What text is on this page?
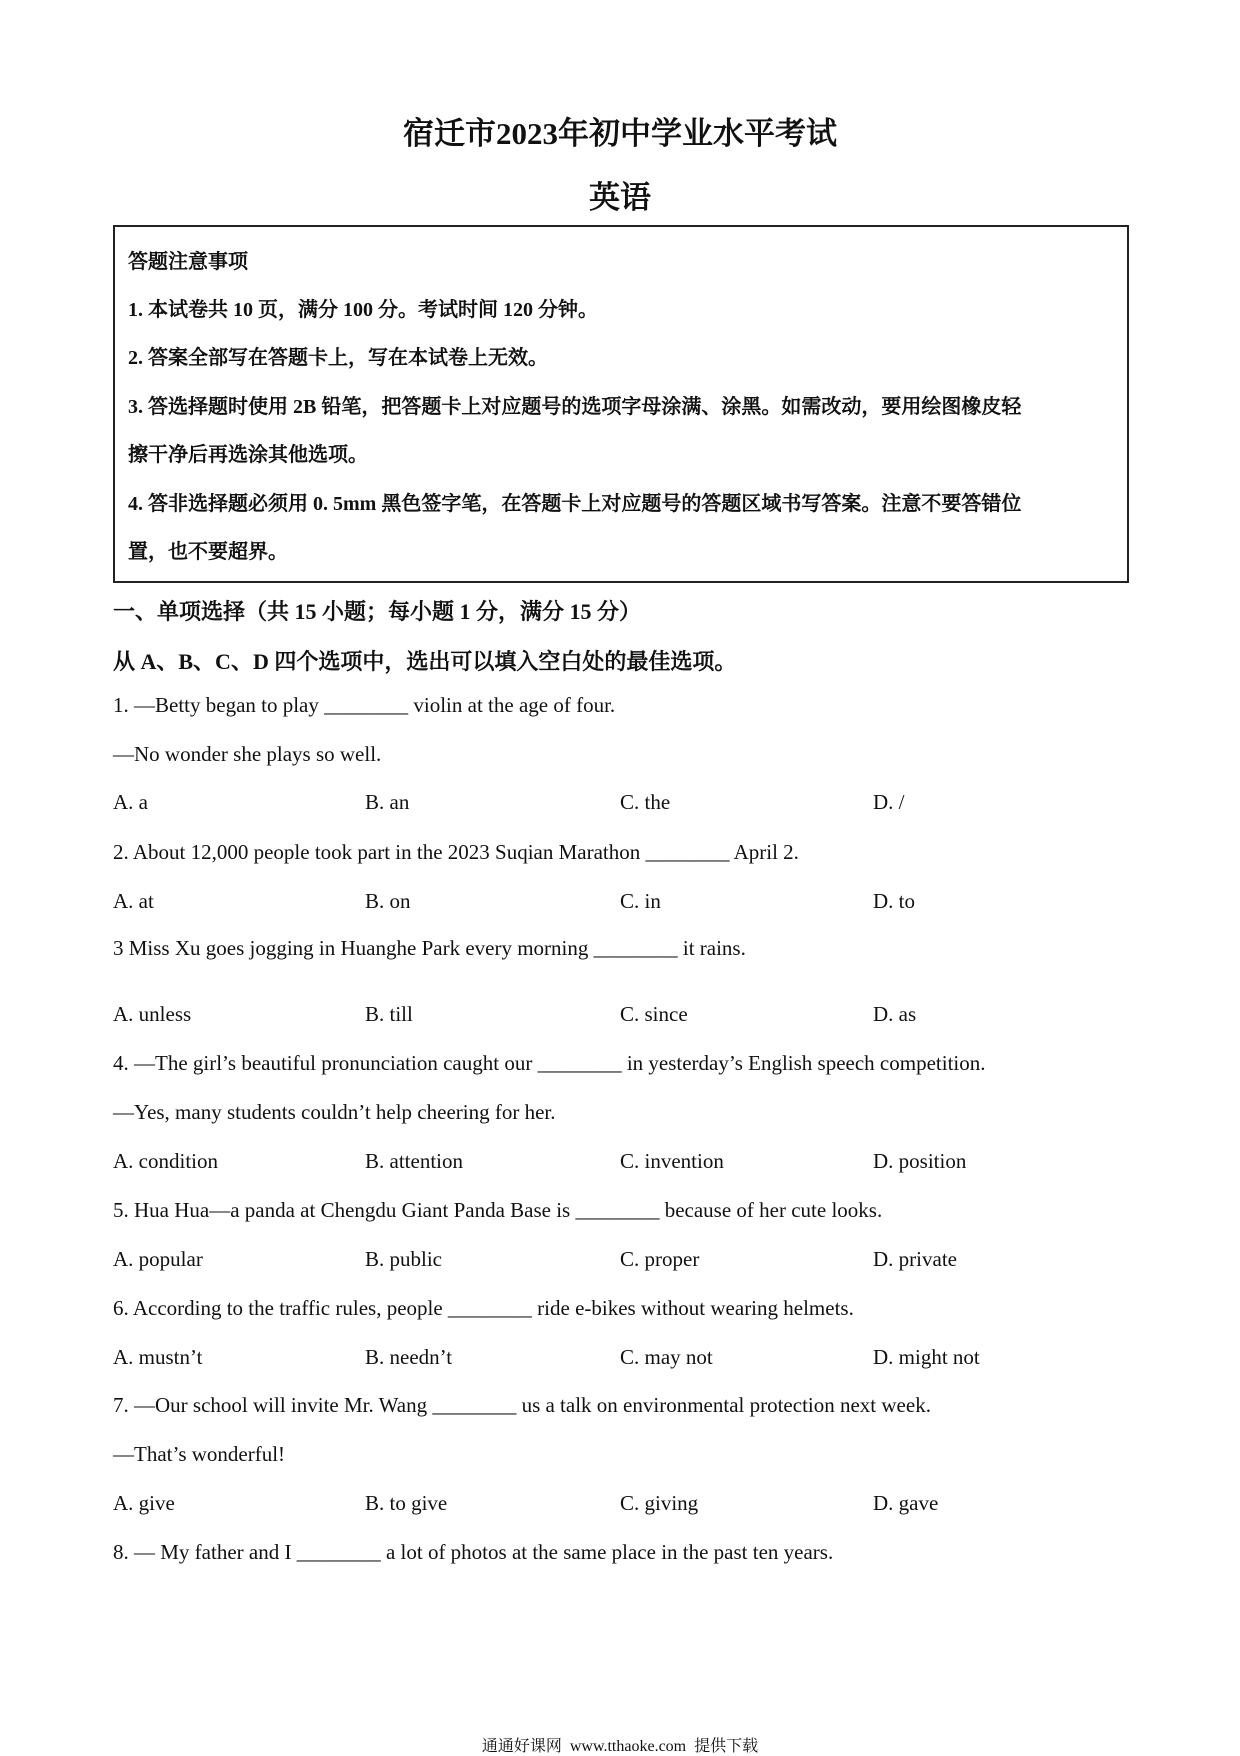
宿迁市2023年初中学业水平考试
英语
答题注意事项
1. 本试卷共 10 页，满分 100 分。考试时间 120 分钟。
2. 答案全部写在答题卡上，写在本试卷上无效。
3. 答选择题时使用 2B 铅笔，把答题卡上对应题号的选项字母涂满、涂黑。如需改动，要用绘图橡皮轻
擦干净后再选涂其他选项。
4. 答非选择题必须用 0. 5mm 黑色签字笔，在答题卡上对应题号的答题区域书写答案。注意不要答错位
置，也不要超界。
一、单项选择（共 15 小题；每小题 1 分，满分 15 分）
从 A、B、C、D 四个选项中，选出可以填入空白处的最佳选项。
1. —Betty began to play ________ violin at the age of four.
—No wonder she plays so well.
A. a	B. an	C. the	D. /
2. About 12,000 people took part in the 2023 Suqian Marathon ________ April 2.
A. at	B. on	C. in	D. to
3 Miss Xu goes jogging in Huanghe Park every morning ________ it rains.
A. unless	B. till	C. since	D. as
4. —The girl’s beautiful pronunciation caught our ________ in yesterday’s English speech competition.
—Yes, many students couldn’t help cheering for her.
A. condition	B. attention	C. invention	D. position
5. Hua Hua—a panda at Chengdu Giant Panda Base is ________ because of her cute looks.
A. popular	B. public	C. proper	D. private
6. According to the traffic rules, people ________ ride e-bikes without wearing helmets.
A. mustn’t	B. needn’t	C. may not	D. might not
7. —Our school will invite Mr. Wang ________ us a talk on environmental protection next week.
—That’s wonderful!
A. give	B. to give	C. giving	D. gave
8. — My father and I ________ a lot of photos at the same place in the past ten years.
通通好课网  www.tthaoke.com  提供下载
